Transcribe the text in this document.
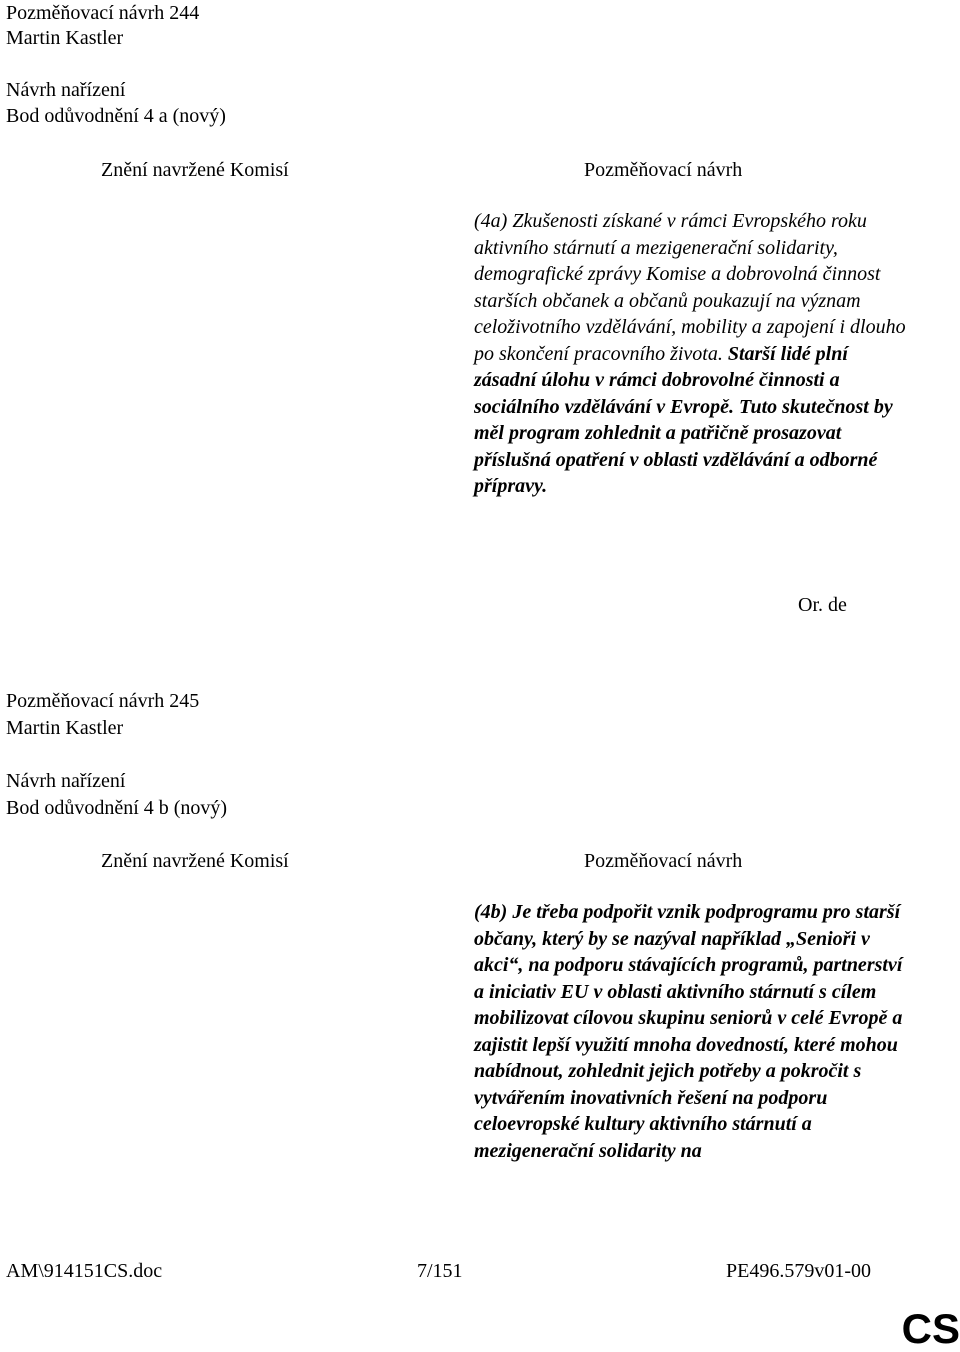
Pozměňovací návrh 244
Martin Kastler
Návrh nařízení
Bod odůvodnění 4 a (nový)
Znění navržené Komisí	Pozměňovací návrh
(4a) Zkušenosti získané v rámci Evropského roku aktivního stárnutí a mezigenerační solidarity, demografické zprávy Komise a dobrovolná činnost starších občanek a občanů poukazují na význam celoživotního vzdělávání, mobility a zapojení i dlouho po skončení pracovního života. Starší lidé plní zásadní úlohu v rámci dobrovolné činnosti a sociálního vzdělávání v Evropě. Tuto skutečnost by měl program zohlednit a patřičně prosazovat příslušná opatření v oblasti vzdělávání a odborné přípravy.
Or. de
Pozměňovací návrh 245
Martin Kastler
Návrh nařízení
Bod odůvodnění 4 b (nový)
Znění navržené Komisí	Pozměňovací návrh
(4b) Je třeba podpořit vznik podprogramu pro starší občany, který by se nazýval například „Senioři v akci“, na podporu stávajících programů, partnerství a iniciativ EU v oblasti aktivního stárnutí s cílem mobilizovat cílovou skupinu seniorů v celé Evropě a zajistit lepší využití mnoha dovedností, které mohou nabídnout, zohlednit jejich potřeby a pokročit s vytvářením inovativních řešení na podporu celoevropské kultury aktivního stárnutí a mezigenerační solidarity na
AM\914151CS.doc	7/151	PE496.579v01-00
CS
